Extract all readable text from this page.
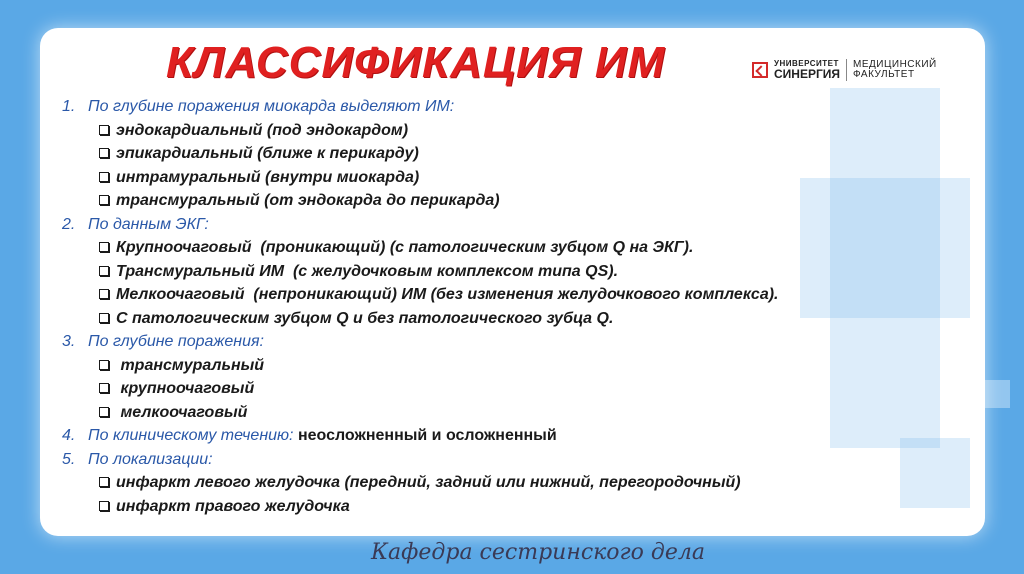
КЛАССИФИКАЦИЯ ИМ	УНИВЕРСИТЕТ
СИНЕРГИЯ
МЕДИЦИНСКИЙ
ФАКУЛЬТЕТ
1. По глубине поражения миокарда выделяют ИМ:
эндокардиальный (под эндокардом)
эпикардиальный (ближе к перикарду)
интрамуральный (внутри миокарда)
трансмуральный (от эндокарда до перикарда)
2. По данным ЭКГ:
Крупноочаговый  (проникающий) (с патологическим зубцом Q на ЭКГ).
Трансмуральный ИМ  (с желудочковым комплексом типа QS).
Мелкоочаговый  (непроникающий) ИМ (без изменения желудочкового комплекса).
С патологическим зубцом Q и без патологического зубца Q.
3. По глубине поражения:
трансмуральный
крупноочаговый
мелкоочаговый
4. По клиническому течению: неосложненный и осложненный
5. По локализации:
инфаркт левого желудочка (передний, задний или нижний, перегородочный)
инфаркт правого желудочка
Кафедра сестринского дела
